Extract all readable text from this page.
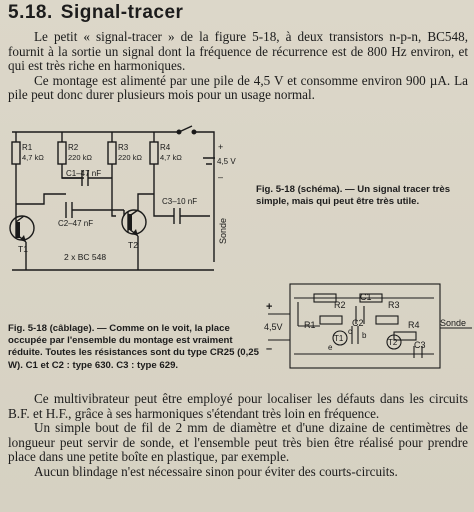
5.18. Signal-tracer

Le petit « signal-tracer » de la figure 5-18, à deux transistors n-p-n, BC548, fournit à la sortie un signal dont la fréquence de récurrence est de 800 Hz environ, et qui est très riche en harmoniques.

Ce montage est alimenté par une pile de 4,5 V et consomme environ 900 µA. La pile peut donc durer plusieurs mois pour un usage normal.

R1
4,7 kΩ
R2
220 kΩ
R3
220 kΩ
R4
4,7 kΩ
C1–47 nF
C2–47 nF
C3–10 nF
+
4,5 V
–
T1	T2
2 x BC 548
Sonde
Fig. 5-18 (schéma). — Un signal tracer très simple, mais qui peut être très utile.
+
–
4,5V R1
R2	R3
R4
C1
C2
C3
T1	T2
Sonde
e
b
c
Fig. 5-18 (câblage). — Comme on le voit, la place occupée par l'ensemble du montage est vraiment réduite. Toutes les résistances sont du type CR25 (0,25 W). C1 et C2 : type 630. C3 : type 629.

Ce multivibrateur peut être employé pour localiser les défauts dans les circuits B.F. et H.F., grâce à ses harmoniques s'étendant très loin en fréquence.

Un simple bout de fil de 2 mm de diamètre et d'une dizaine de centimètres de longueur peut servir de sonde, et l'ensemble peut très bien être réalisé pour prendre place dans une petite boîte en plastique, par exemple.

Aucun blindage n'est nécessaire sinon pour éviter des courts-circuits.
